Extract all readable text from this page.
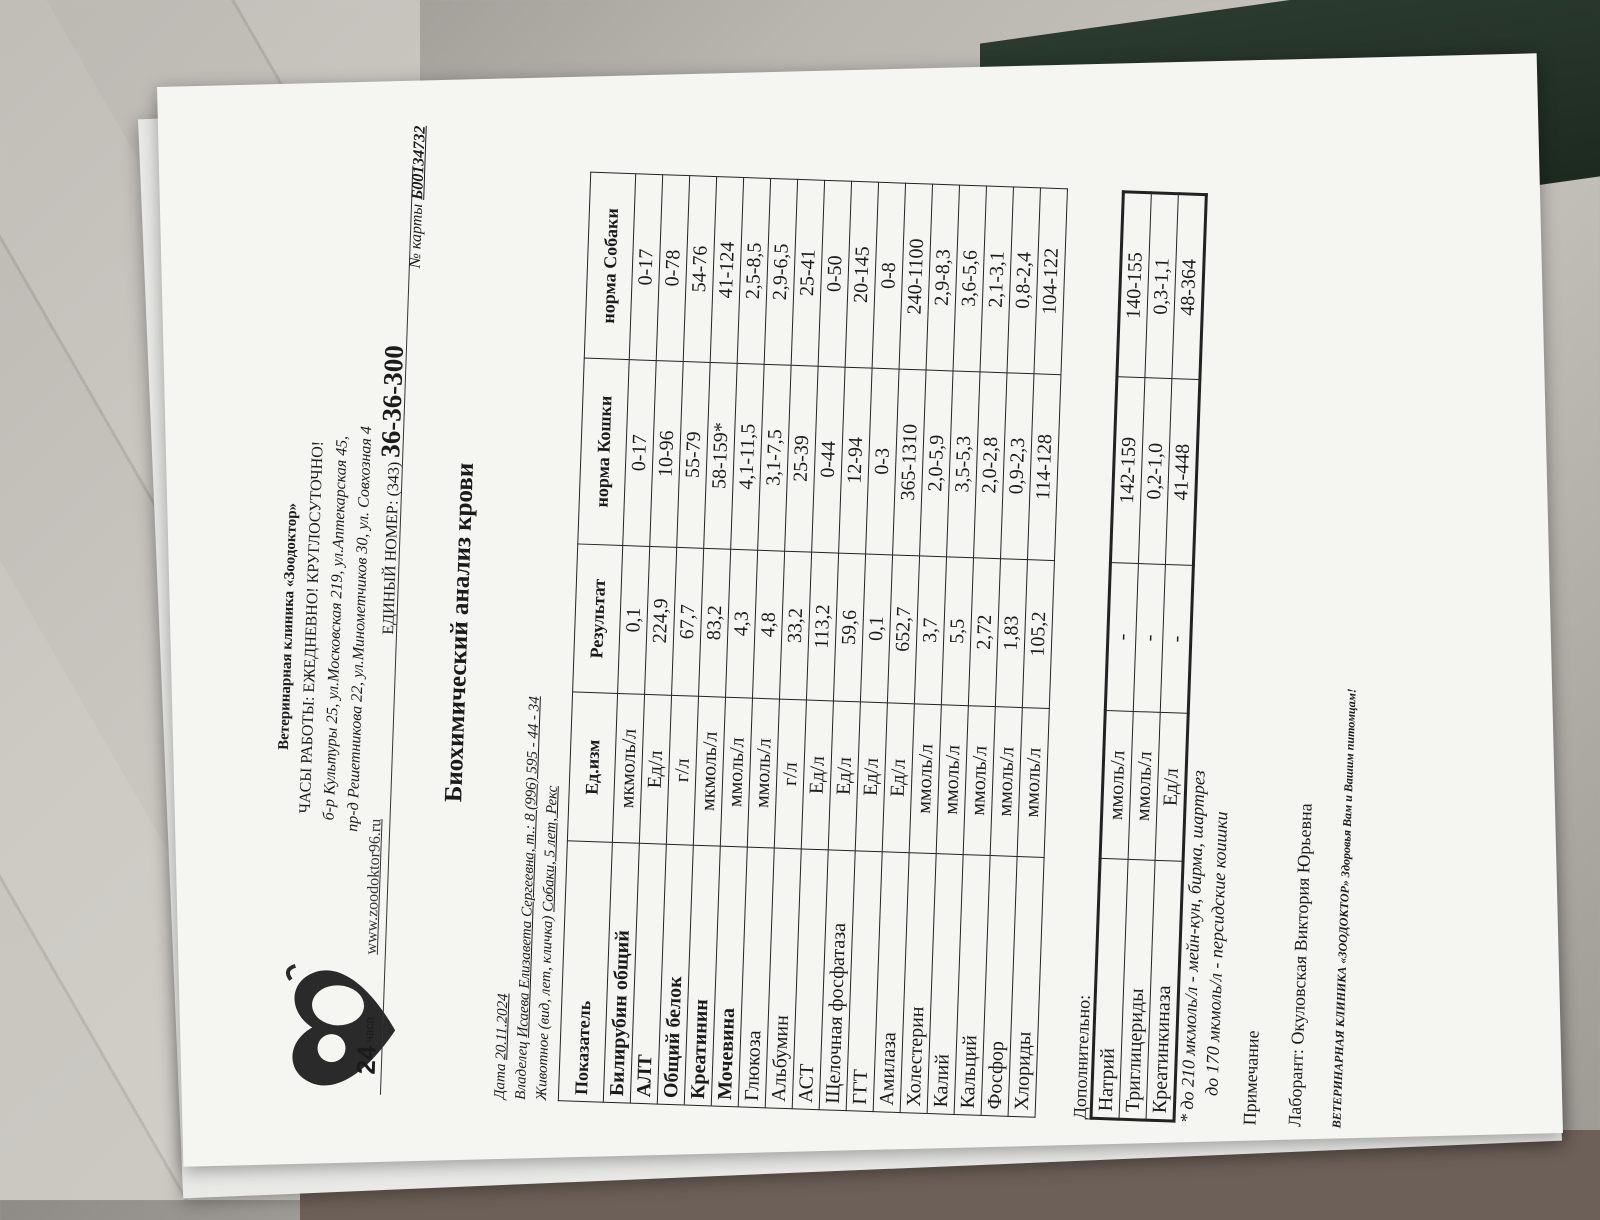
24
часа
Ветеринарная клиника «Зоодоктор»
ЧАСЫ РАБОТЫ: ЕЖЕДНЕВНО! КРУГЛОСУТОЧНО!
б-р Культуры 25, ул.Московская 219, ул.Аптекарская 45,
пр-д Решетникова 22, ул.Минометчиков 30, ул. Совхозная 4 ЕДИНЫЙ НОМЕР: (343) 36-36-300
www.zoodoktor96.ru
№ карты Б00134732
Биохимический анализ крови
Дата 20.11.2024
Владелец Исаева Елизавета Сергеевна, т.: 8 (996) 595 - 44 - 34
Животное (вид, лет, кличка) Собаки, 5 лет, Рекс
Показатель	Ед.изм	Результат	норма Кошки	норма Собаки
Билирубин общий	мкмоль/л	0,1	0-17	0-17
АЛТ	Ед/л	224,9	10-96	0-78
Общий белок	г/л	67,7	55-79	54-76
Креатинин	мкмоль/л	83,2	58-159*	41-124
Мочевина	ммоль/л	4,3	4,1-11,5	2,5-8,5
Глюкоза	ммоль/л	4,8	3,1-7,5	2,9-6,5
Альбумин	г/л	33,2	25-39	25-41
АСТ	Ед/л	113,2	0-44	0-50
Щелочная фосфатаза	Ед/л	59,6	12-94	20-145
ГГТ	Ед/л	0,1	0-3	0-8
Амилаза	Ед/л	652,7	365-1310	240-1100
Холестерин	ммоль/л	3,7	2,0-5,9	2,9-8,3
Калий	ммоль/л	5,5	3,5-5,3	3,6-5,6
Кальций	ммоль/л	2,72	2,0-2,8	2,1-3,1
Фосфор	ммоль/л	1,83	0,9-2,3	0,8-2,4
Хлориды	ммоль/л	105,2	114-128	104-122
Дополнительно: Натрий	ммоль/л	-	142-159	140-155
Триглицериды	ммоль/л	-	0,2-1,0	0,3-1,1
Креатинкиназа	Ед/л	-	41-448	48-364
* до 210 мкмоль/л - мейн-кун, бирма, шартрез
до 170 мкмоль/л - персидские коишки Примечание Лаборант: Окуловская Виктория Юрьевна ВЕТЕРИНАРНАЯ КЛИНИКА «ЗООДОКТОР» Здоровья Вам и Вашим питомцам!
